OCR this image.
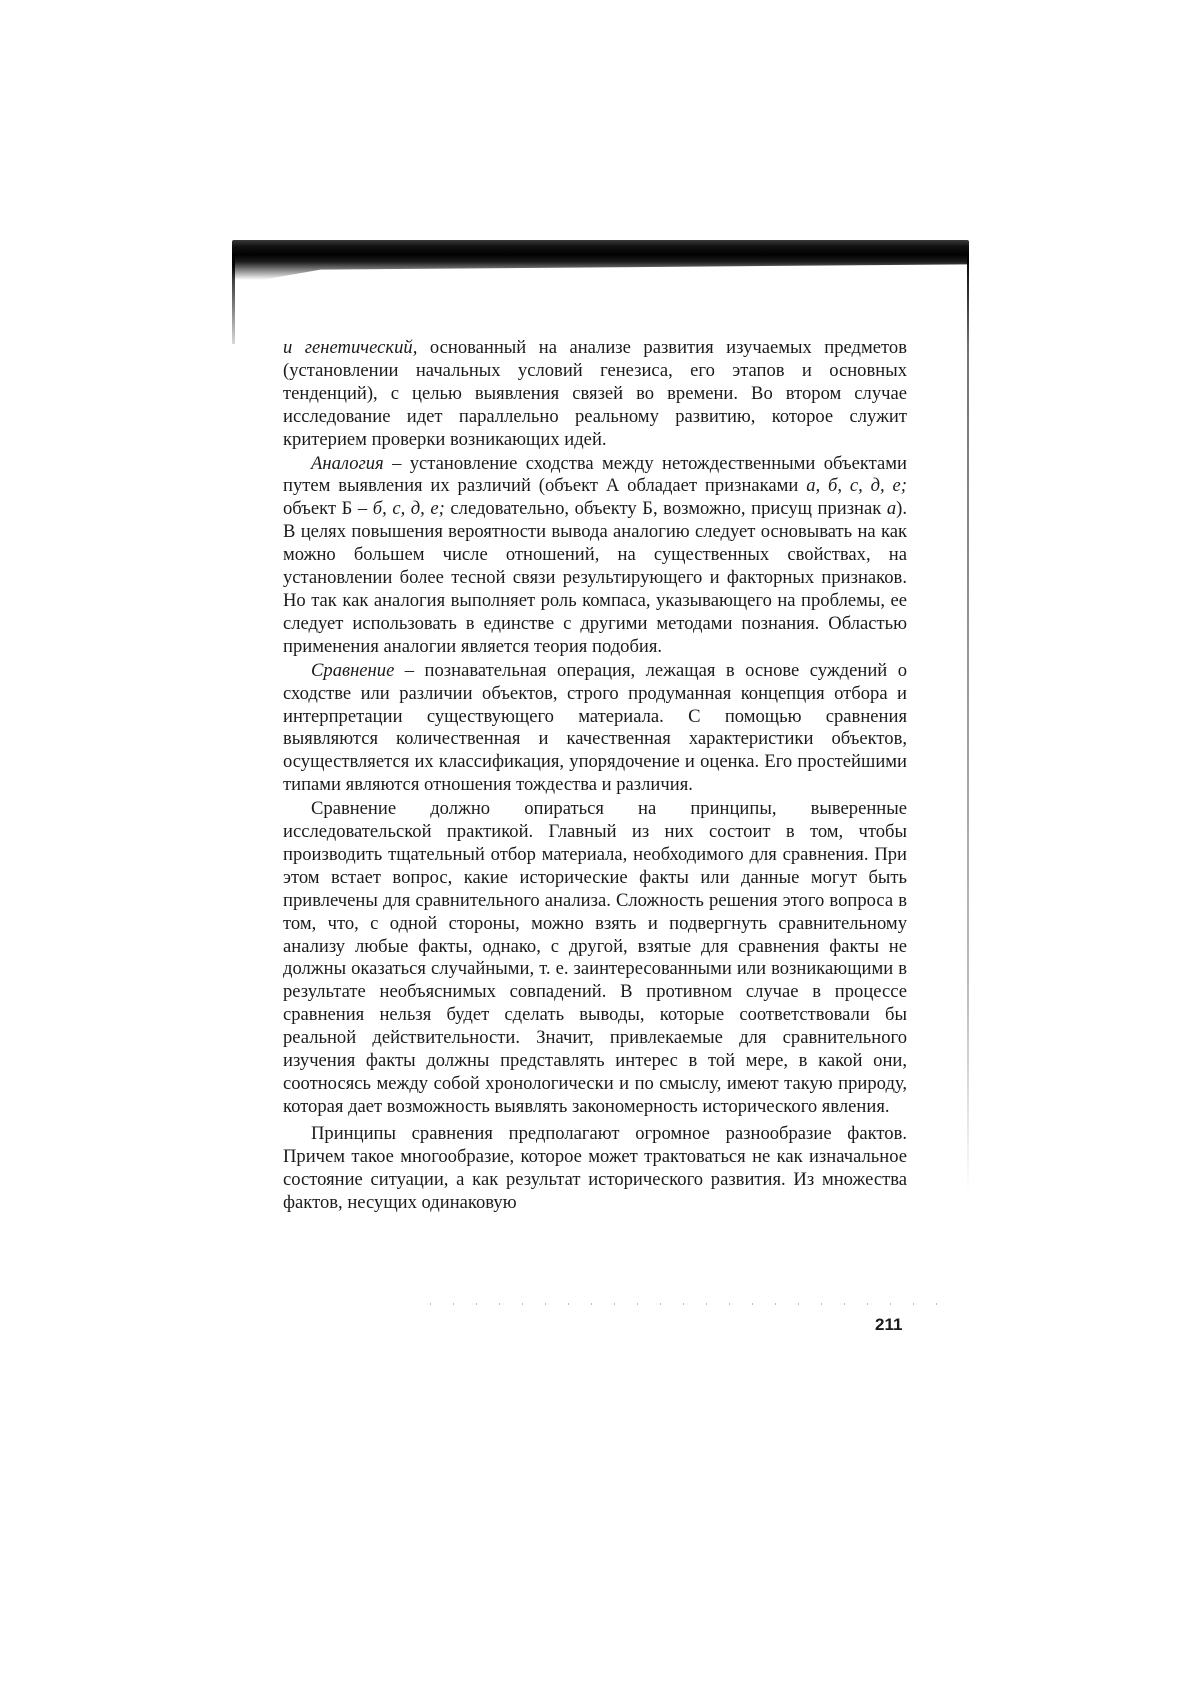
и генетический, основанный на анализе развития изучаемых предметов (установлении начальных условий генезиса, его этапов и основных тенденций), с целью выявления связей во времени. Во втором случае исследование идет параллельно реальному развитию, которое служит критерием проверки возникающих идей.

Аналогия – установление сходства между нетождественными объектами путем выявления их различий (объект А обладает признаками а, б, с, д, е; объект Б – б, с, д, е; следовательно, объекту Б, возможно, присущ признак а). В целях повышения вероятности вывода аналогию следует основывать на как можно большем числе отношений, на существенных свойствах, на установлении более тесной связи результирующего и факторных признаков. Но так как аналогия выполняет роль компаса, указывающего на проблемы, ее следует использовать в единстве с другими методами познания. Областью применения аналогии является теория подобия.

Сравнение – познавательная операция, лежащая в основе суждений о сходстве или различии объектов, строго продуманная концепция отбора и интерпретации существующего материала. С помощью сравнения выявляются количественная и качественная характеристики объектов, осуществляется их классификация, упорядочение и оценка. Его простейшими типами являются отношения тождества и различия.

Сравнение должно опираться на принципы, выверенные исследовательской практикой. Главный из них состоит в том, чтобы производить тщательный отбор материала, необходимого для сравнения. При этом встает вопрос, какие исторические факты или данные могут быть привлечены для сравнительного анализа. Сложность решения этого вопроса в том, что, с одной стороны, можно взять и подвергнуть сравнительному анализу любые факты, однако, с другой, взятые для сравнения факты не должны оказаться случайными, т. е. заинтересованными или возникающими в результате необъяснимых совпадений. В противном случае в процессе сравнения нельзя будет сделать выводы, которые соответствовали бы реальной действительности. Значит, привлекаемые для сравнительного изучения факты должны представлять интерес в той мере, в какой они, соотносясь между собой хронологически и по смыслу, имеют такую природу, которая дает возможность выявлять закономерность исторического явления.

Принципы сравнения предполагают огромное разнообразие фактов. Причем такое многообразие, которое может трактоваться не как изначальное состояние ситуации, а как результат исторического развития. Из множества фактов, несущих одинаковую

211
